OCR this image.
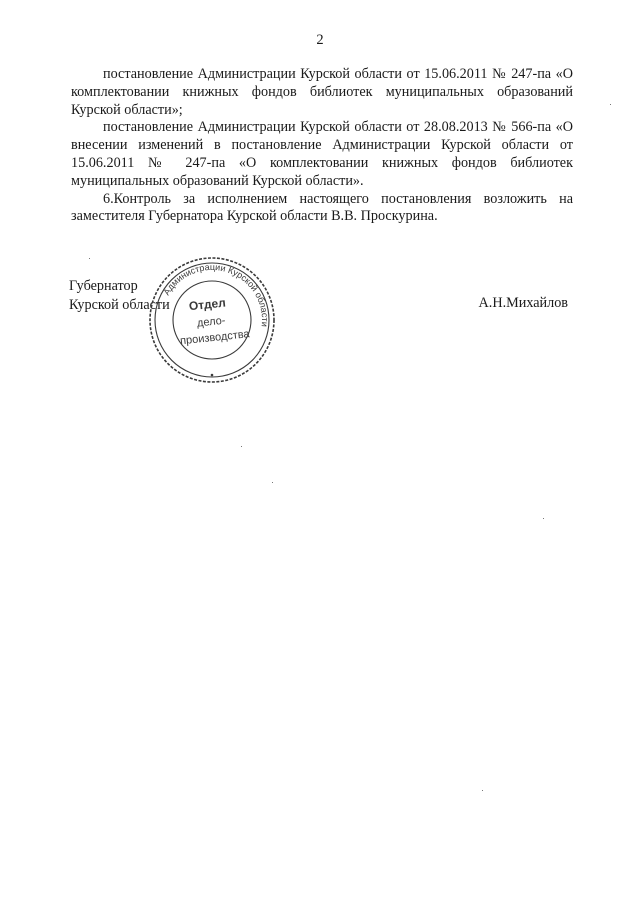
2

постановление Администрации Курской области от 15.06.2011 № 247-па «О комплектовании книжных фондов библиотек муниципальных образований Курской области»;

постановление Администрации Курской области от 28.08.2013 № 566-па «О внесении изменений в постановление Администрации Курской области от 15.06.2011 № 247-па «О комплектовании книжных фондов библиотек муниципальных образований Курской области».

6.Контроль за исполнением настоящего постановления возложить на заместителя Губернатора Курской области В.В. Проскурина.

Губернатор
Курской области	А.Н.Михайлов
Администрации Курской области
Отдел
дело-
производства
